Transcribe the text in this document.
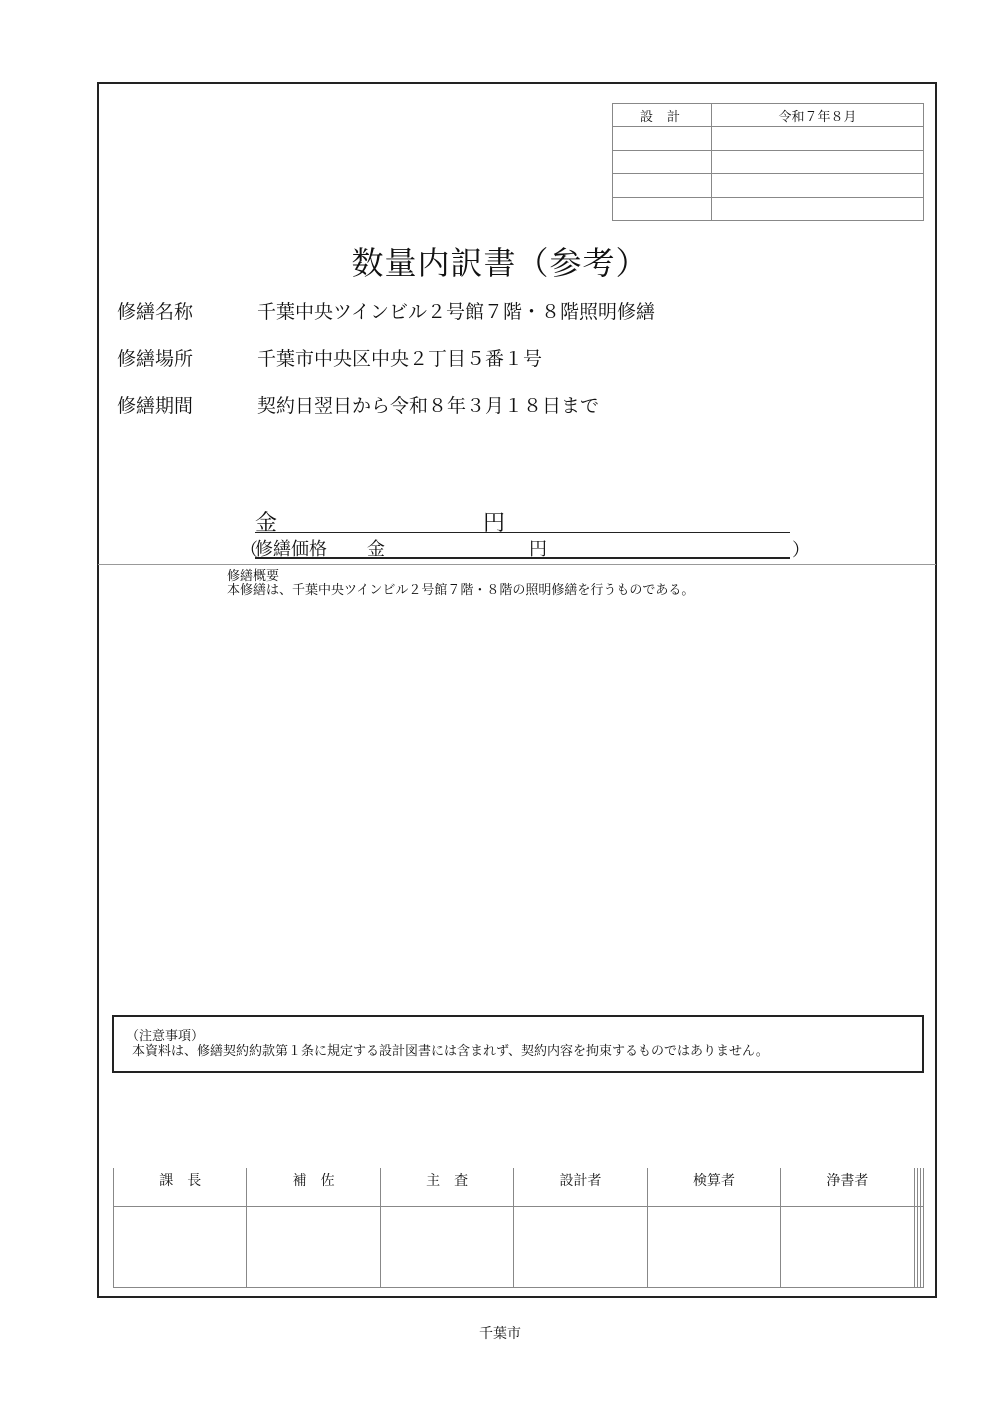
設計	令和７年８月

数量内訳書（参考）
修繕名称	千葉中央ツインビル２号館７階・８階照明修繕
修繕場所	千葉市中央区中央２丁目５番１号
修繕期間	契約日翌日から令和８年３月１８日まで
金	円
（
修繕価格 金	円	）
修繕概要
本修繕は、千葉中央ツインビル２号館７階・８階の照明修繕を行うものである。
（注意事項）
本資料は、修繕契約約款第１条に規定する設計図書には含まれず、契約内容を拘束するものではありません。
課　長	補　佐	主　査	設計者	検算者	浄書者			

千葉市
